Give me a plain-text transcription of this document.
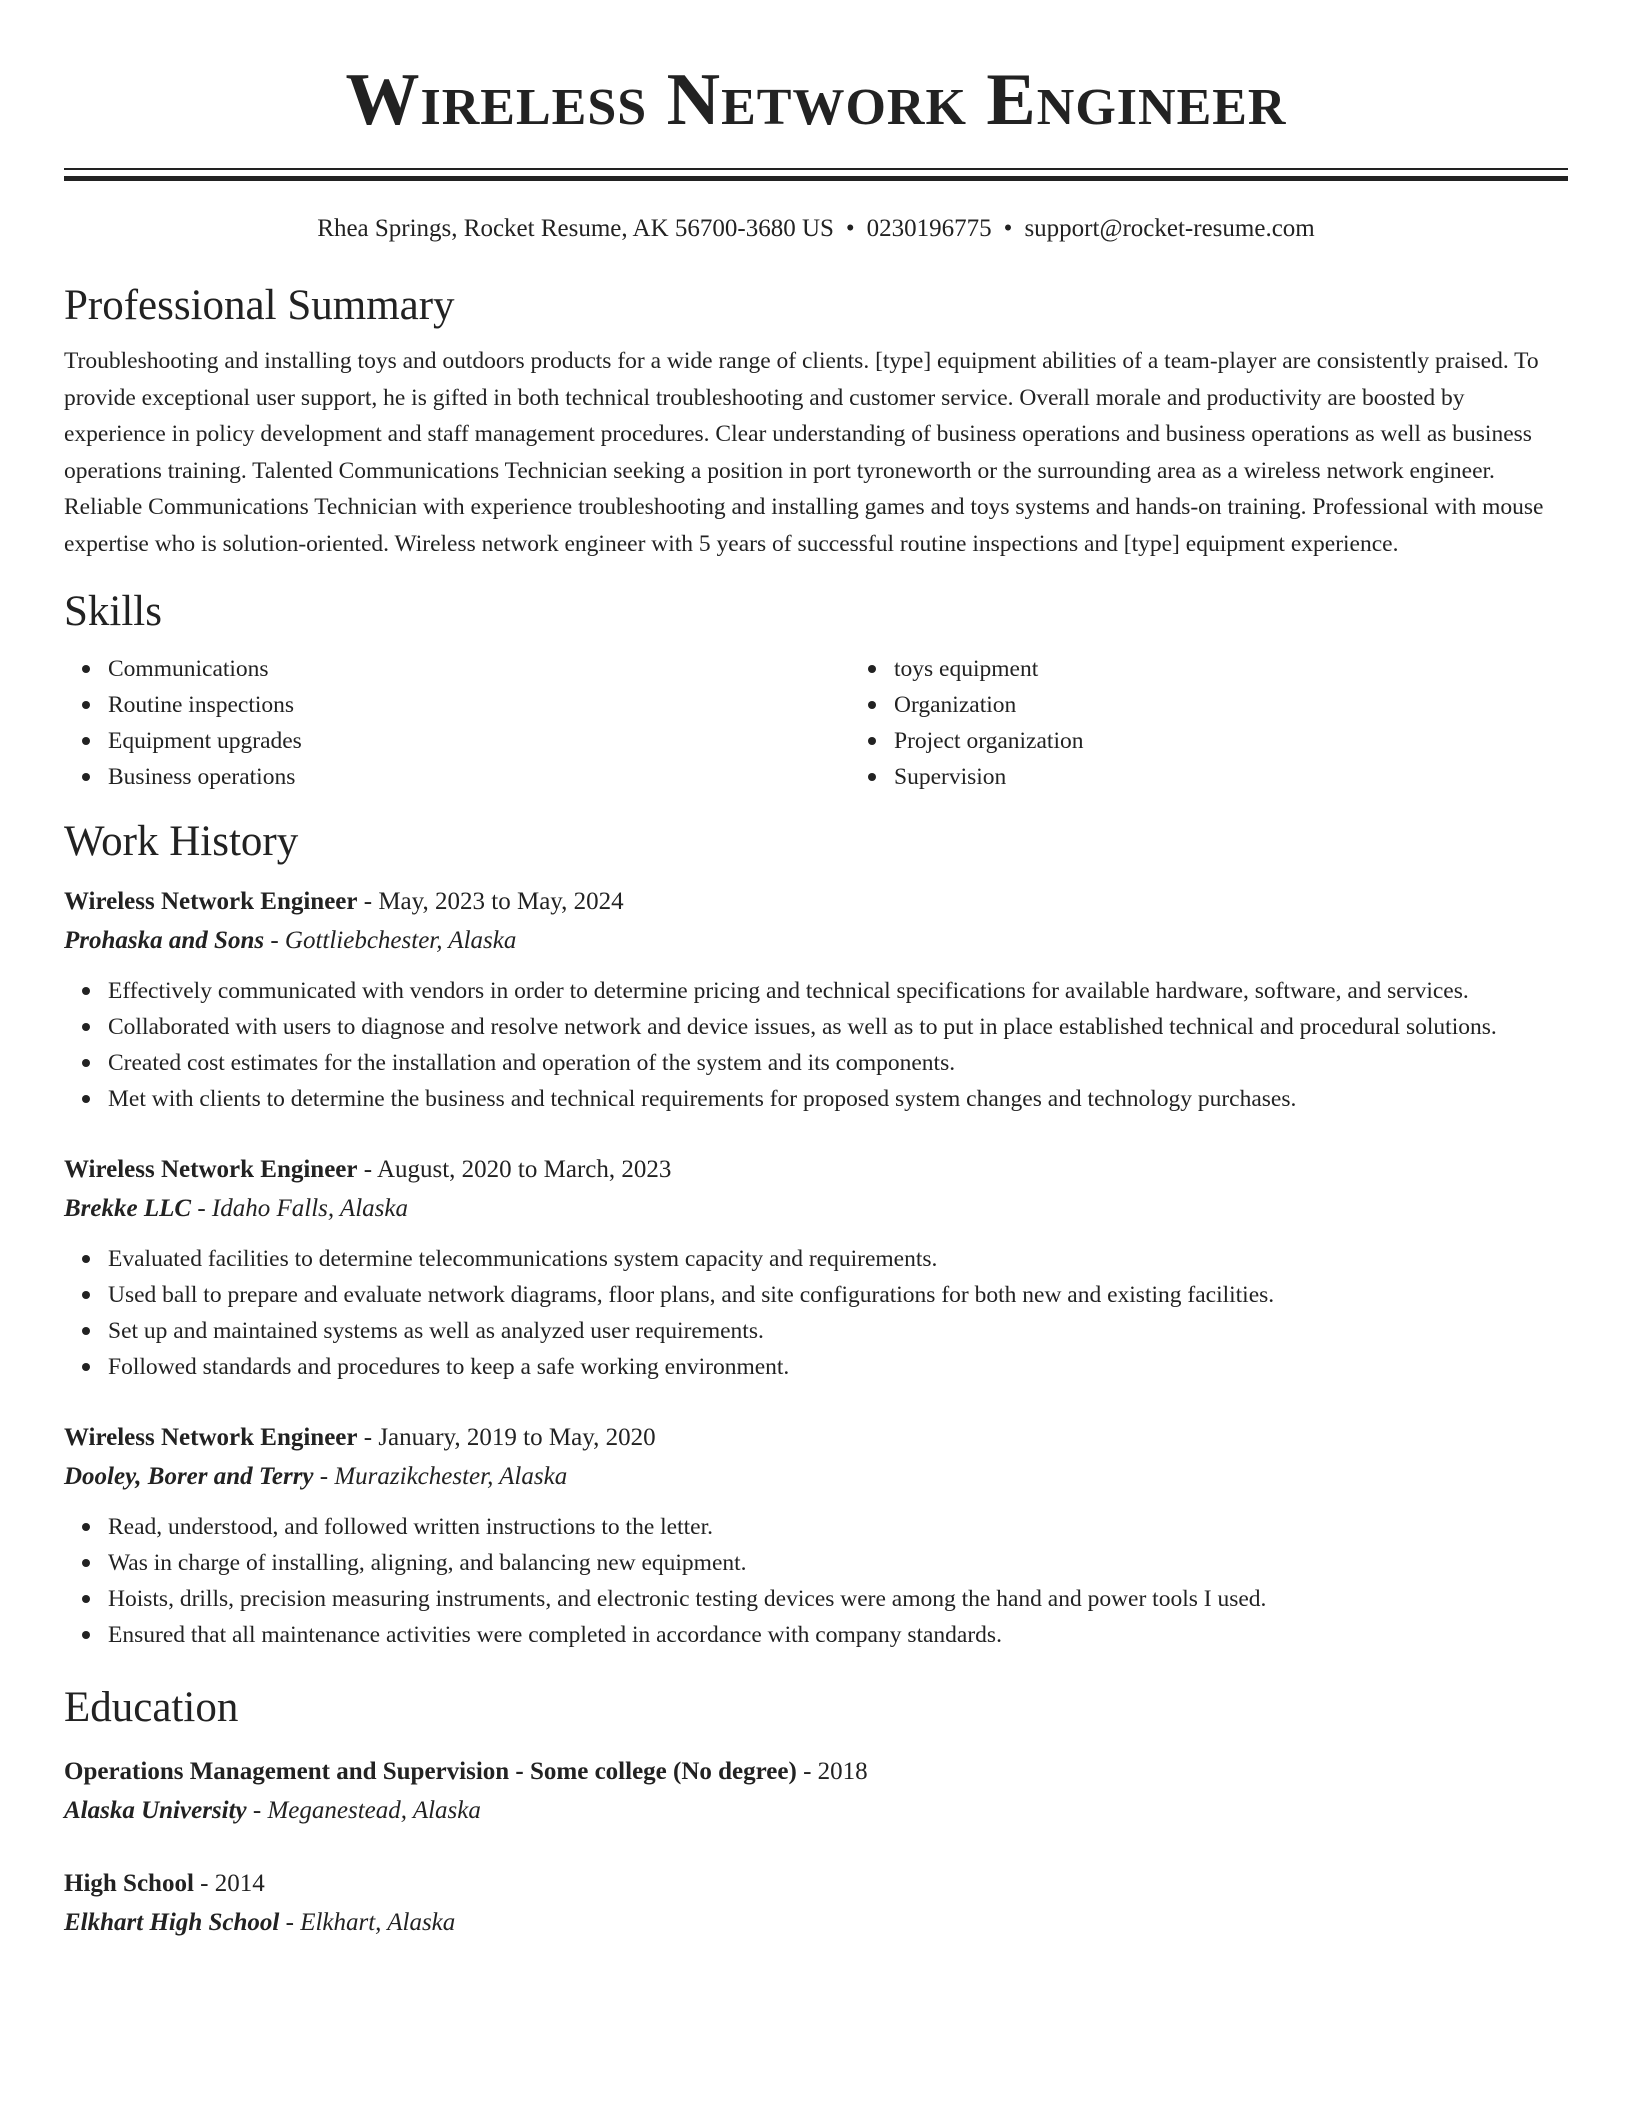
Wireless Network Engineer
Rhea Springs, Rocket Resume, AK 56700-3680 US • 0230196775 • support@rocket-resume.com
Professional Summary

Troubleshooting and installing toys and outdoors products for a wide range of clients. [type] equipment abilities of a team-player are consistently praised. To provide exceptional user support, he is gifted in both technical troubleshooting and customer service. Overall morale and productivity are boosted by experience in policy development and staff management procedures. Clear understanding of business operations and business operations as well as business operations training. Talented Communications Technician seeking a position in port tyroneworth or the surrounding area as a wireless network engineer. Reliable Communications Technician with experience troubleshooting and installing games and toys systems and hands-on training. Professional with mouse expertise who is solution-oriented. Wireless network engineer with 5 years of successful routine inspections and [type] equipment experience.

Skills
Communications
Routine inspections
Equipment upgrades
Business operations
toys equipment
Organization
Project organization
Supervision
Work History
Wireless Network Engineer - May, 2023 to May, 2024
Prohaska and Sons - Gottliebchester, Alaska
Effectively communicated with vendors in order to determine pricing and technical specifications for available hardware, software, and services.
Collaborated with users to diagnose and resolve network and device issues, as well as to put in place established technical and procedural solutions.
Created cost estimates for the installation and operation of the system and its components.
Met with clients to determine the business and technical requirements for proposed system changes and technology purchases.
Wireless Network Engineer - August, 2020 to March, 2023
Brekke LLC - Idaho Falls, Alaska
Evaluated facilities to determine telecommunications system capacity and requirements.
Used ball to prepare and evaluate network diagrams, floor plans, and site configurations for both new and existing facilities.
Set up and maintained systems as well as analyzed user requirements.
Followed standards and procedures to keep a safe working environment.
Wireless Network Engineer - January, 2019 to May, 2020
Dooley, Borer and Terry - Murazikchester, Alaska
Read, understood, and followed written instructions to the letter.
Was in charge of installing, aligning, and balancing new equipment.
Hoists, drills, precision measuring instruments, and electronic testing devices were among the hand and power tools I used.
Ensured that all maintenance activities were completed in accordance with company standards.
Education
Operations Management and Supervision - Some college (No degree) - 2018
Alaska University - Meganestead, Alaska
High School - 2014
Elkhart High School - Elkhart, Alaska
